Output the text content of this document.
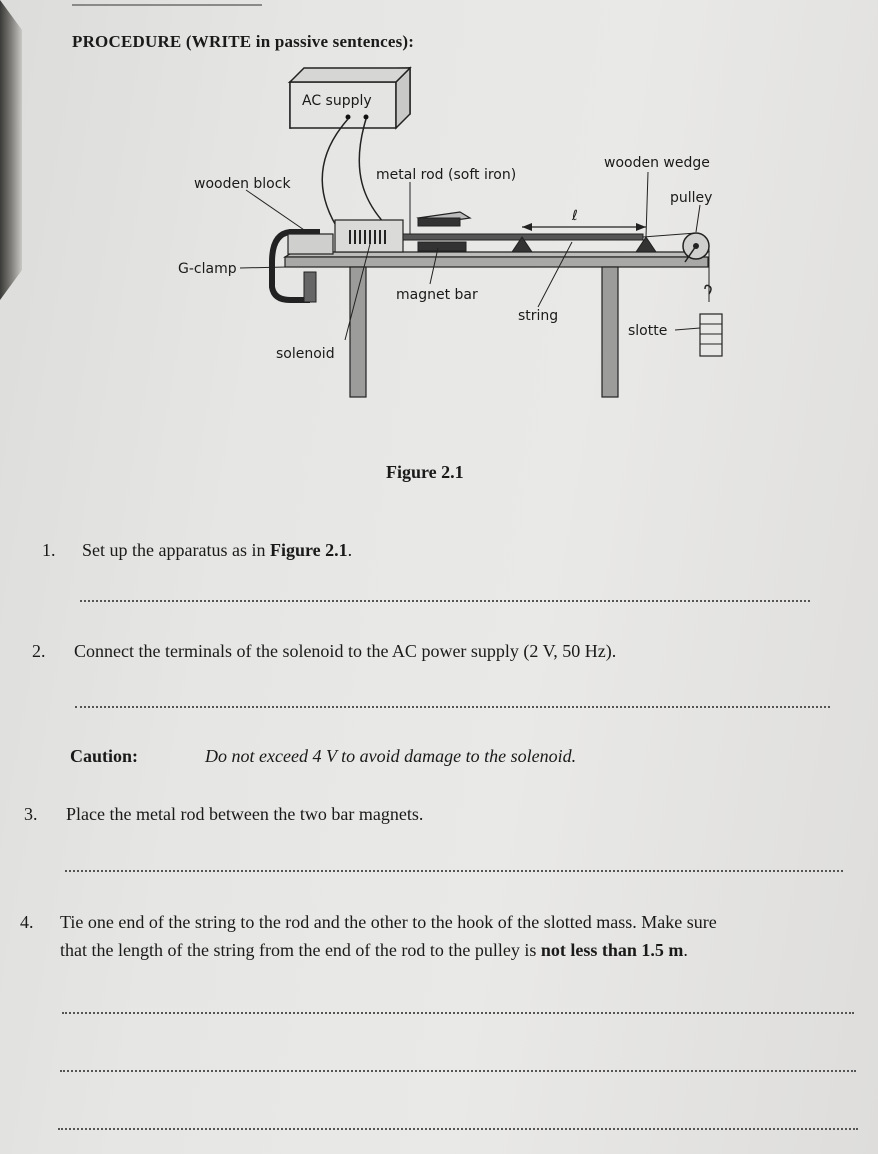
PROCEDURE (WRITE in passive sentences):
AC supply
ℓ
wooden block
metal rod (soft iron)
wooden wedge
pulley
G-clamp
magnet bar
string
slotte
solenoid
Figure 2.1
1. Set up the apparatus as in Figure 2.1.
2. Connect the terminals of the solenoid to the AC power supply (2 V, 50 Hz).
Caution:	Do not exceed 4 V to avoid damage to the solenoid.
3. Place the metal rod between the two bar magnets.
4. Tie one end of the string to the rod and the other to the hook of the slotted mass. Make sure
that the length of the string from the end of the rod to the pulley is not less than 1.5 m.
